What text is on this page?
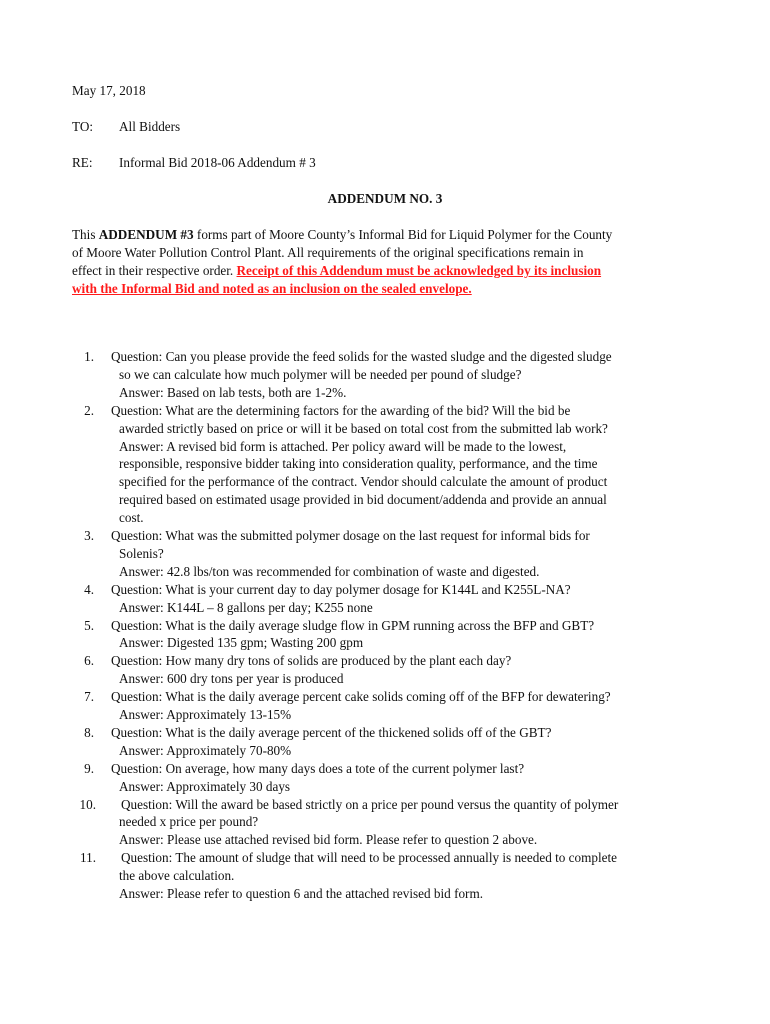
May 17, 2018
TO: All Bidders
RE: Informal Bid 2018-06 Addendum # 3
ADDENDUM NO. 3
This ADDENDUM #3 forms part of Moore County’s Informal Bid for Liquid Polymer for the County
of Moore Water Pollution Control Plant. All requirements of the original specifications remain in
effect in their respective order. Receipt of this Addendum must be acknowledged by its inclusion
with the Informal Bid and noted as an inclusion on the sealed envelope.
1. Question: Can you please provide the feed solids for the wasted sludge and the digested sludge
so we can calculate how much polymer will be needed per pound of sludge?
Answer: Based on lab tests, both are 1-2%.
2. Question: What are the determining factors for the awarding of the bid? Will the bid be
awarded strictly based on price or will it be based on total cost from the submitted lab work?
Answer: A revised bid form is attached. Per policy award will be made to the lowest,
responsible, responsive bidder taking into consideration quality, performance, and the time
specified for the performance of the contract. Vendor should calculate the amount of product
required based on estimated usage provided in bid document/addenda and provide an annual
cost.
3. Question: What was the submitted polymer dosage on the last request for informal bids for
Solenis?
Answer: 42.8 lbs/ton was recommended for combination of waste and digested.
4. Question: What is your current day to day polymer dosage for K144L and K255L-NA?
Answer: K144L – 8 gallons per day; K255 none
5. Question: What is the daily average sludge flow in GPM running across the BFP and GBT?
Answer: Digested 135 gpm; Wasting 200 gpm
6. Question: How many dry tons of solids are produced by the plant each day?
Answer: 600 dry tons per year is produced
7. Question: What is the daily average percent cake solids coming off of the BFP for dewatering?
Answer: Approximately 13-15%
8. Question: What is the daily average percent of the thickened solids off of the GBT?
Answer: Approximately 70-80%
9. Question: On average, how many days does a tote of the current polymer last?
Answer: Approximately 30 days
10. Question: Will the award be based strictly on a price per pound versus the quantity of polymer
needed x price per pound?
Answer: Please use attached revised bid form. Please refer to question 2 above.
11. Question: The amount of sludge that will need to be processed annually is needed to complete
the above calculation.
Answer: Please refer to question 6 and the attached revised bid form.
